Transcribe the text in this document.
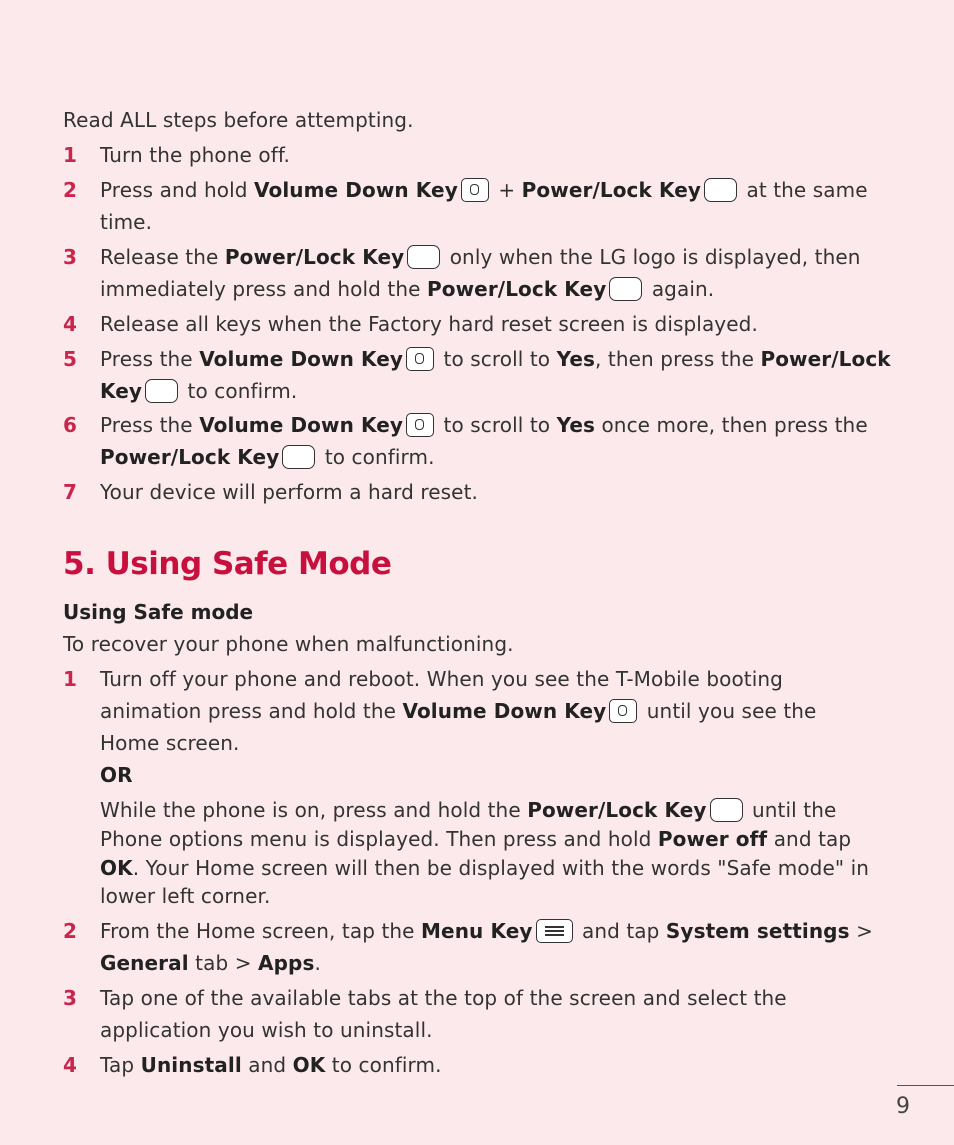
Read ALL steps before attempting.
1 Turn the phone off.
2 Press and hold Volume Down Key + Power/Lock Key at the same
time.
3 Release the Power/Lock Key only when the LG logo is displayed, then
immediately press and hold the Power/Lock Key again.
4 Release all keys when the Factory hard reset screen is displayed.
5 Press the Volume Down Key to scroll to Yes, then press the Power/Lock
Key to confirm.
6 Press the Volume Down Key to scroll to Yes once more, then press the
Power/Lock Key to confirm.
7 Your device will perform a hard reset.
5. Using Safe Mode
Using Safe mode
To recover your phone when malfunctioning.
1 Turn off your phone and reboot. When you see the T-Mobile booting
animation press and hold the Volume Down Key until you see the
Home screen.
OR
While the phone is on, press and hold the Power/Lock Key until the
Phone options menu is displayed. Then press and hold Power off and tap
OK. Your Home screen will then be displayed with the words "Safe mode" in
lower left corner.
2 From the Home screen, tap the Menu Key and tap System settings >
General tab > Apps.
3 Tap one of the available tabs at the top of the screen and select the
application you wish to uninstall.
4 Tap Uninstall and OK to confirm.
9
